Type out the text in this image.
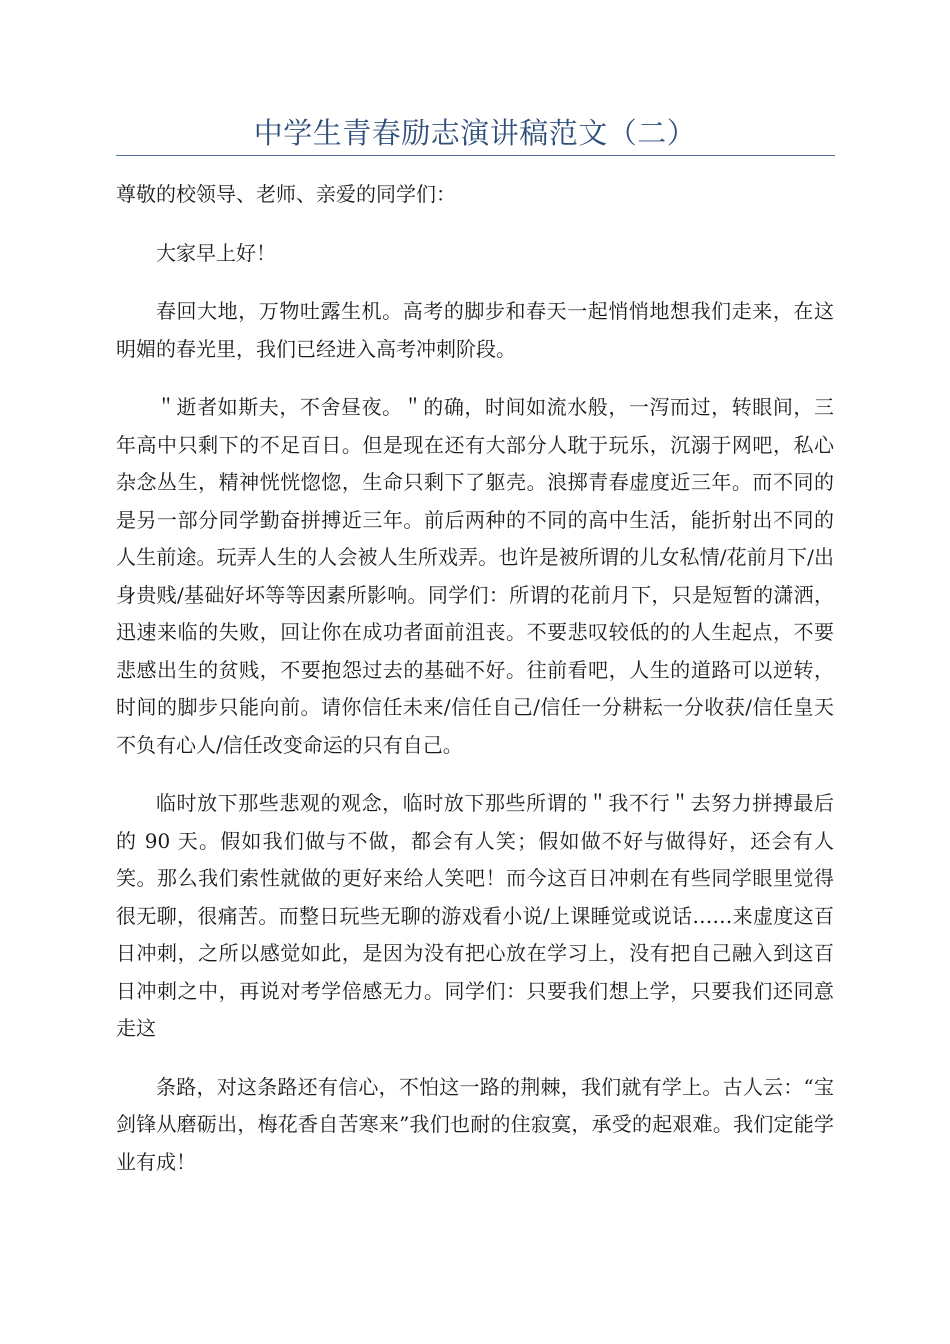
中学生青春励志演讲稿范文（二）

尊敬的校领导、老师、亲爱的同学们：

大家早上好！

春回大地，万物吐露生机。高考的脚步和春天一起悄悄地想我们走来，在这明媚的春光里，我们已经进入高考冲刺阶段。

＂逝者如斯夫，不舍昼夜。＂的确，时间如流水般，一泻而过，转眼间，三年高中只剩下的不足百日。但是现在还有大部分人耽于玩乐，沉溺于网吧，私心杂念丛生，精神恍恍惚惚，生命只剩下了躯壳。浪掷青春虚度近三年。而不同的是另一部分同学勤奋拼搏近三年。前后两种的不同的高中生活，能折射出不同的人生前途。玩弄人生的人会被人生所戏弄。也许是被所谓的儿女私情/花前月下/出身贵贱/基础好坏等等因素所影响。同学们：所谓的花前月下，只是短暂的潇洒，迅速来临的失败，回让你在成功者面前沮丧。不要悲叹较低的的人生起点，不要悲感出生的贫贱，不要抱怨过去的基础不好。往前看吧，人生的道路可以逆转，时间的脚步只能向前。请你信任未来/信任自己/信任一分耕耘一分收获/信任皇天不负有心人/信任改变命运的只有自己。

临时放下那些悲观的观念，临时放下那些所谓的＂我不行＂去努力拼搏最后的 90 天。假如我们做与不做，都会有人笑；假如做不好与做得好，还会有人笑。那么我们索性就做的更好来给人笑吧！而今这百日冲刺在有些同学眼里觉得很无聊，很痛苦。而整日玩些无聊的游戏看小说/上课睡觉或说话……来虚度这百日冲刺，之所以感觉如此，是因为没有把心放在学习上，没有把自己融入到这百日冲刺之中，再说对考学倍感无力。同学们：只要我们想上学，只要我们还同意走这

条路，对这条路还有信心，不怕这一路的荆棘，我们就有学上。古人云：“宝剑锋从磨砺出，梅花香自苦寒来”我们也耐的住寂寞，承受的起艰难。我们定能学业有成！
